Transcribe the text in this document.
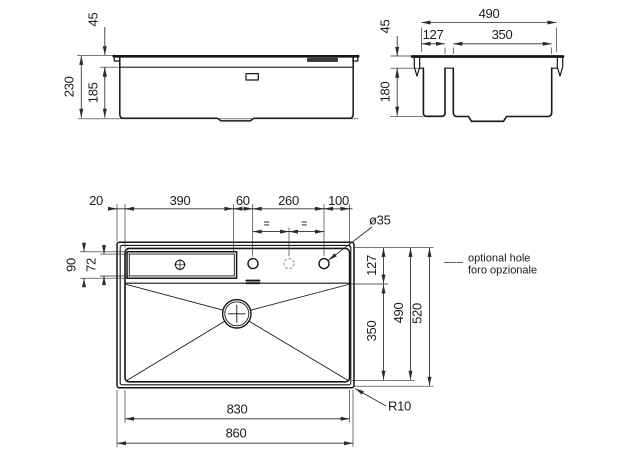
230 185
45	490
127	350
45
180
20	390	60 260 100
=	=	ø35
90 72	127
350
490 520
optional hole
foro opzionale
830
860
R10
